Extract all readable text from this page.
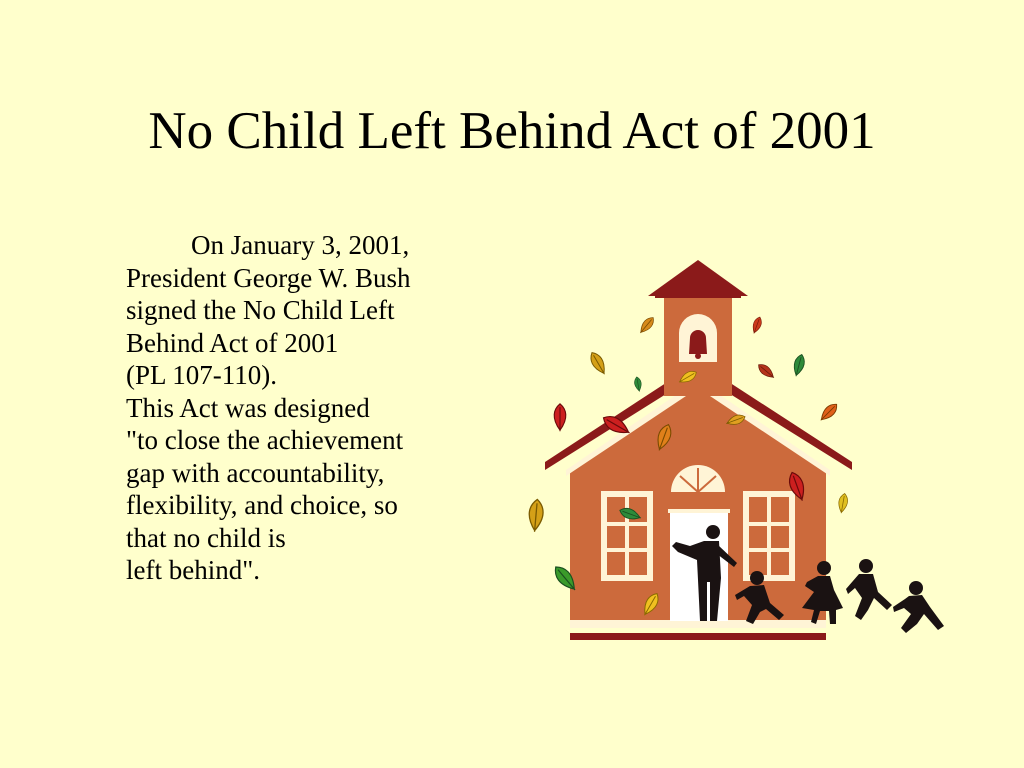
No Child Left Behind Act of 2001
On January 3, 2001,
President George W. Bush
signed the No Child Left
Behind Act of 2001
(PL 107-110).
This Act was designed
"to close the achievement
gap with accountability,
flexibility, and choice, so
that no child is
left behind".
